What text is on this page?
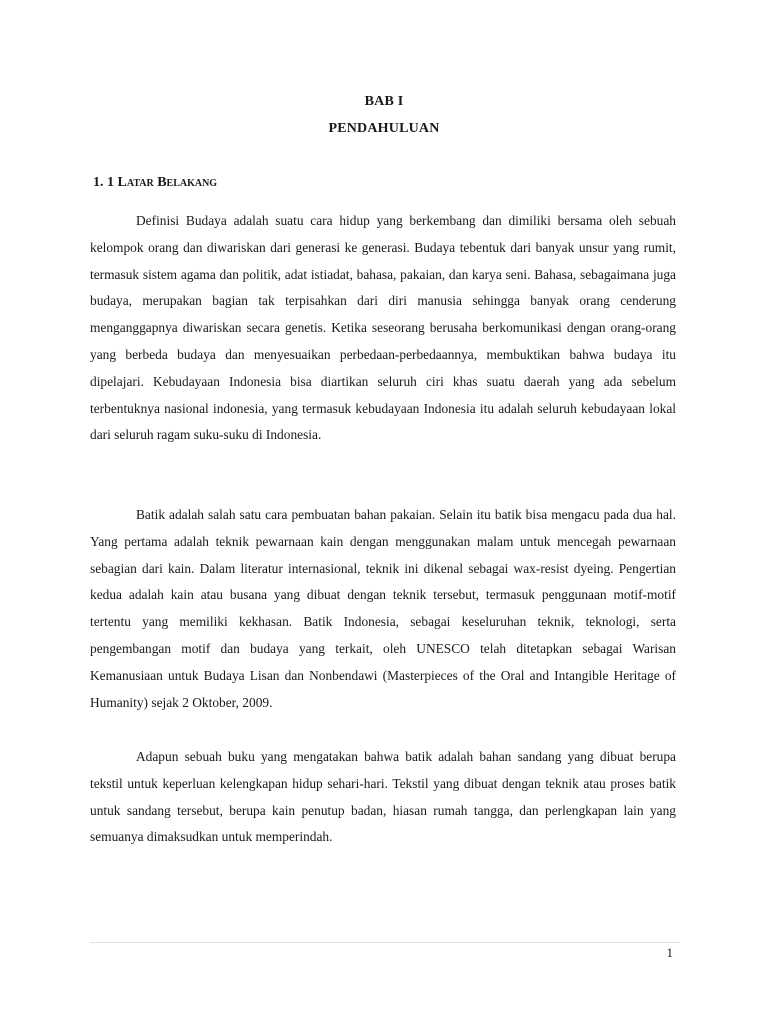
BAB I
PENDAHULUAN
1. 1 Latar Belakang

Definisi Budaya adalah suatu cara hidup yang berkembang dan dimiliki bersama oleh sebuah kelompok orang dan diwariskan dari generasi ke generasi. Budaya tebentuk dari banyak unsur yang rumit, termasuk sistem agama dan politik, adat istiadat, bahasa, pakaian, dan karya seni. Bahasa, sebagaimana juga budaya, merupakan bagian tak terpisahkan dari diri manusia sehingga banyak orang cenderung menganggapnya diwariskan secara genetis. Ketika seseorang berusaha berkomunikasi dengan orang-orang yang berbeda budaya dan menyesuaikan perbedaan-perbedaannya, membuktikan bahwa budaya itu dipelajari. Kebudayaan Indonesia bisa diartikan seluruh ciri khas suatu daerah yang ada sebelum terbentuknya nasional indonesia, yang termasuk kebudayaan Indonesia itu adalah seluruh kebudayaan lokal dari seluruh ragam suku-suku di Indonesia.

Batik adalah salah satu cara pembuatan bahan pakaian. Selain itu batik bisa mengacu pada dua hal. Yang pertama adalah teknik pewarnaan kain dengan menggunakan malam untuk mencegah pewarnaan sebagian dari kain. Dalam literatur internasional, teknik ini dikenal sebagai wax-resist dyeing. Pengertian kedua adalah kain atau busana yang dibuat dengan teknik tersebut, termasuk penggunaan motif-motif tertentu yang memiliki kekhasan. Batik Indonesia, sebagai keseluruhan teknik, teknologi, serta pengembangan motif dan budaya yang terkait, oleh UNESCO telah ditetapkan sebagai Warisan Kemanusiaan untuk Budaya Lisan dan Nonbendawi (Masterpieces of the Oral and Intangible Heritage of Humanity) sejak 2 Oktober, 2009.

Adapun sebuah buku yang mengatakan bahwa batik adalah bahan sandang yang dibuat berupa tekstil untuk keperluan kelengkapan hidup sehari-hari. Tekstil yang dibuat dengan teknik atau proses batik untuk sandang tersebut, berupa kain penutup badan, hiasan rumah tangga, dan perlengkapan lain yang semuanya dimaksudkan untuk memperindah.

1
